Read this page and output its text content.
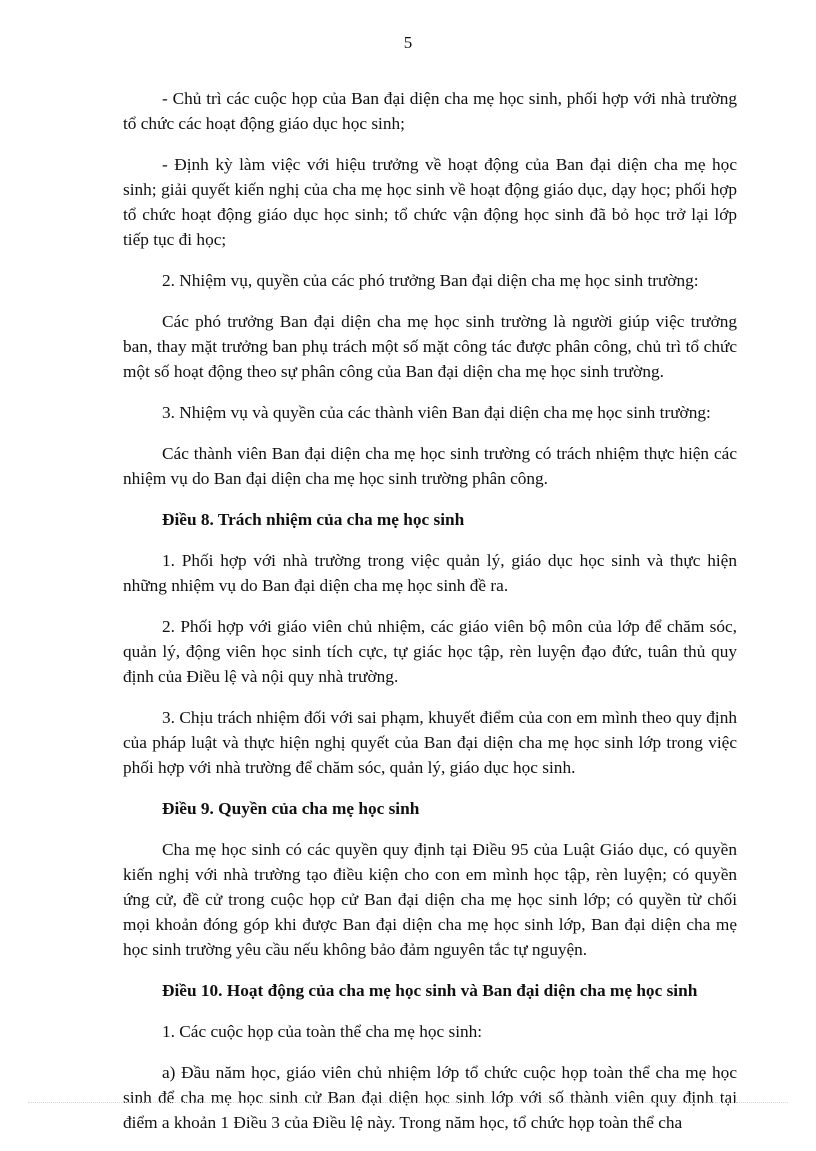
5

- Chủ trì các cuộc họp của Ban đại diện cha mẹ học sinh, phối hợp với nhà trường tổ chức các hoạt động giáo dục học sinh;

- Định kỳ làm việc với hiệu trưởng về hoạt động của Ban đại diện cha mẹ học sinh; giải quyết kiến nghị của cha mẹ học sinh về hoạt động giáo dục, dạy học; phối hợp tổ chức hoạt động giáo dục học sinh; tổ chức vận động học sinh đã bỏ học trở lại lớp tiếp tục đi học;

2. Nhiệm vụ, quyền của các phó trưởng Ban đại diện cha mẹ học sinh trường:

Các phó trưởng Ban đại diện cha mẹ học sinh trường là người giúp việc trưởng ban, thay mặt trưởng ban phụ trách một số mặt công tác được phân công, chủ trì tổ chức một số hoạt động theo sự phân công của Ban đại diện cha mẹ học sinh trường.

3. Nhiệm vụ và quyền của các thành viên Ban đại diện cha mẹ học sinh trường:

Các thành viên Ban đại diện cha mẹ học sinh trường có trách nhiệm thực hiện các nhiệm vụ do Ban đại diện cha mẹ học sinh trường phân công.

Điều 8. Trách nhiệm của cha mẹ học sinh

1. Phối hợp với nhà trường trong việc quản lý, giáo dục học sinh và thực hiện những nhiệm vụ do Ban đại diện cha mẹ học sinh đề ra.

2. Phối hợp với giáo viên chủ nhiệm, các giáo viên bộ môn của lớp để chăm sóc, quản lý, động viên học sinh tích cực, tự giác học tập, rèn luyện đạo đức, tuân thủ quy định của Điều lệ và nội quy nhà trường.

3. Chịu trách nhiệm đối với sai phạm, khuyết điểm của con em mình theo quy định của pháp luật và thực hiện nghị quyết của Ban đại diện cha mẹ học sinh lớp trong việc phối hợp với nhà trường để chăm sóc, quản lý, giáo dục học sinh.

Điều 9. Quyền của cha mẹ học sinh

Cha mẹ học sinh có các quyền quy định tại Điều 95 của Luật Giáo dục, có quyền kiến nghị với nhà trường tạo điều kiện cho con em mình học tập, rèn luyện; có quyền ứng cử, đề cử trong cuộc họp cử Ban đại diện cha mẹ học sinh lớp; có quyền từ chối mọi khoản đóng góp khi được Ban đại diện cha mẹ học sinh lớp, Ban đại diện cha mẹ học sinh trường yêu cầu nếu không bảo đảm nguyên tắc tự nguyện.

Điều 10. Hoạt động của cha mẹ học sinh và Ban đại diện cha mẹ học sinh

1. Các cuộc họp của toàn thể cha mẹ học sinh:

a) Đầu năm học, giáo viên chủ nhiệm lớp tổ chức cuộc họp toàn thể cha mẹ học sinh để cha mẹ học sinh cử Ban đại diện học sinh lớp với số thành viên quy định tại điểm a khoản 1 Điều 3 của Điều lệ này. Trong năm học, tổ chức họp toàn thể cha
